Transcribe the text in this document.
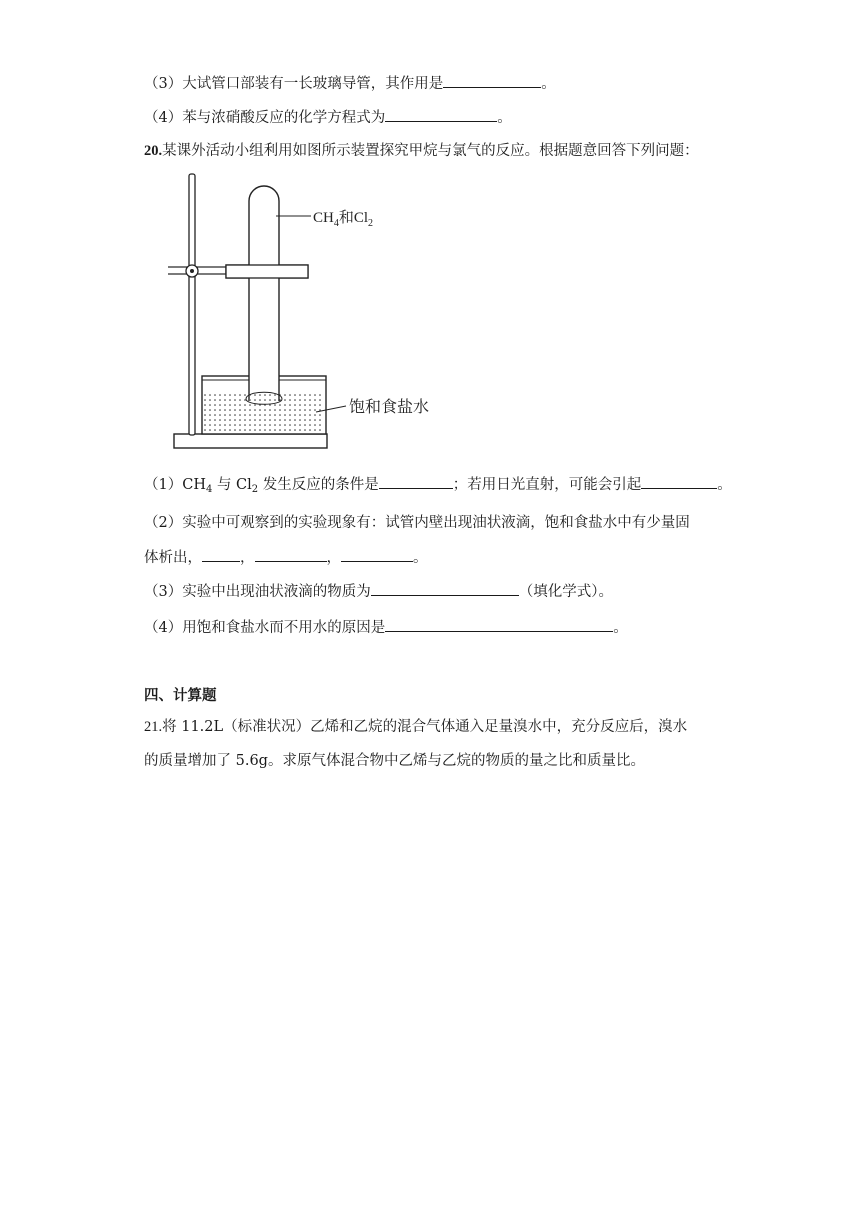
（3）大试管口部装有一长玻璃导管，其作用是	。
（4）苯与浓硝酸反应的化学方程式为	。
20.某课外活动小组利用如图所示装置探究甲烷与氯气的反应。根据题意回答下列问题：
$CH_4$和$Cl_2$
饱和食盐水
$(1)CH_4$ 与 $Cl_2$ 发生反应的条件是	；若用日光直射，可能会引起	。
（2）实验中可观察到的实验现象有：试管内壁出现油状液滴，饱和食盐水中有少量固
体析出，	，	，	。
（3）实验中出现油状液滴的物质为	（填化学式）。
（4）用饱和食盐水而不用水的原因是	。
四、计算题
21.将 11.2L（标准状况）乙烯和乙烷的混合气体通入足量溴水中，充分反应后，溴水
的质量增加了 5.6g。求原气体混合物中乙烯与乙烷的物质的量之比和质量比。
